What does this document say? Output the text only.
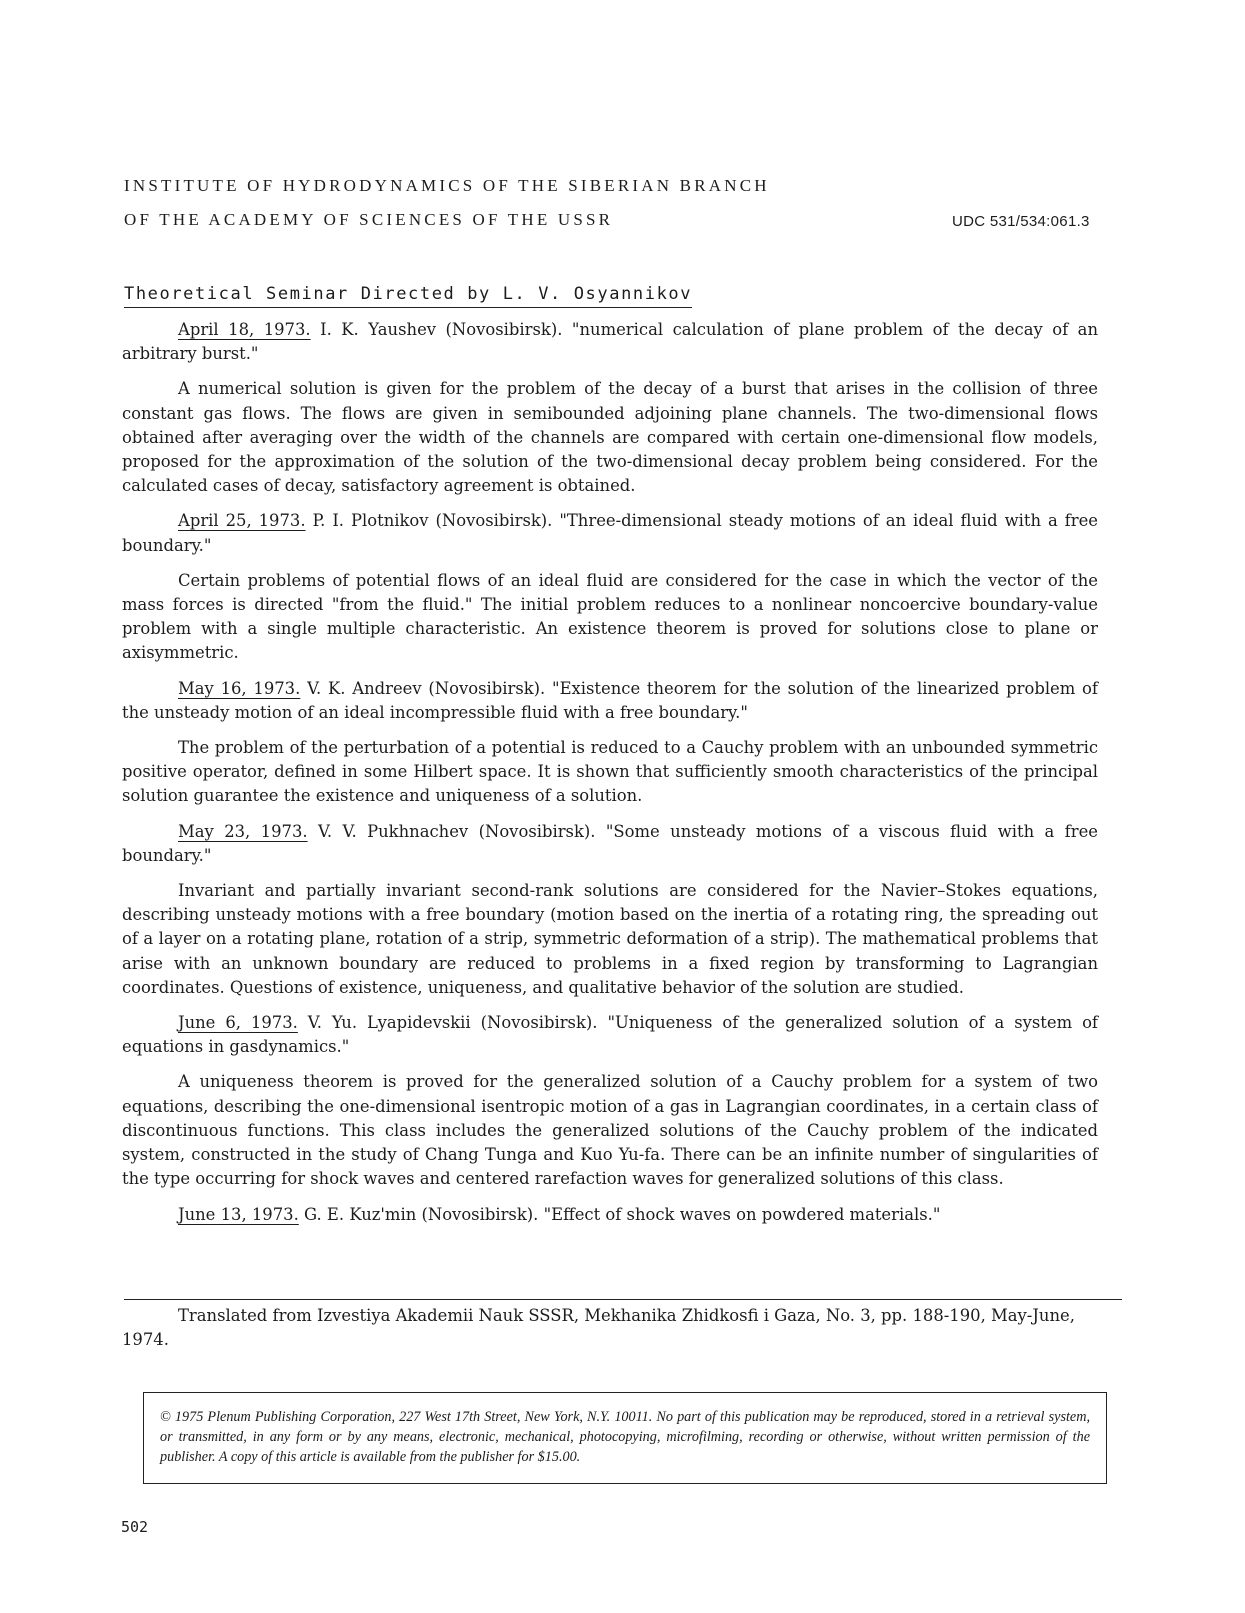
INSTITUTE OF HYDRODYNAMICS OF THE SIBERIAN BRANCH
OF THE ACADEMY OF SCIENCES OF THE USSR	UDC 531/534:061.3
Theoretical Seminar Directed by L. V. Osyannikov

April 18, 1973. I. K. Yaushev (Novosibirsk). "numerical calculation of plane problem of the decay of an arbitrary burst."

A numerical solution is given for the problem of the decay of a burst that arises in the collision of three constant gas flows. The flows are given in semibounded adjoining plane channels. The two-dimensional flows obtained after averaging over the width of the channels are compared with certain one-dimensional flow models, proposed for the approximation of the solution of the two-dimensional decay problem being considered. For the calculated cases of decay, satisfactory agreement is obtained.

April 25, 1973. P. I. Plotnikov (Novosibirsk). "Three-dimensional steady motions of an ideal fluid with a free boundary."

Certain problems of potential flows of an ideal fluid are considered for the case in which the vector of the mass forces is directed "from the fluid." The initial problem reduces to a nonlinear noncoercive boundary-value problem with a single multiple characteristic. An existence theorem is proved for solutions close to plane or axisymmetric.

May 16, 1973. V. K. Andreev (Novosibirsk). "Existence theorem for the solution of the linearized problem of the unsteady motion of an ideal incompressible fluid with a free boundary."

The problem of the perturbation of a potential is reduced to a Cauchy problem with an unbounded symmetric positive operator, defined in some Hilbert space. It is shown that sufficiently smooth characteristics of the principal solution guarantee the existence and uniqueness of a solution.

May 23, 1973. V. V. Pukhnachev (Novosibirsk). "Some unsteady motions of a viscous fluid with a free boundary."

Invariant and partially invariant second-rank solutions are considered for the Navier–Stokes equations, describing unsteady motions with a free boundary (motion based on the inertia of a rotating ring, the spreading out of a layer on a rotating plane, rotation of a strip, symmetric deformation of a strip). The mathematical problems that arise with an unknown boundary are reduced to problems in a fixed region by transforming to Lagrangian coordinates. Questions of existence, uniqueness, and qualitative behavior of the solution are studied.

June 6, 1973. V. Yu. Lyapidevskii (Novosibirsk). "Uniqueness of the generalized solution of a system of equations in gasdynamics."

A uniqueness theorem is proved for the generalized solution of a Cauchy problem for a system of two equations, describing the one-dimensional isentropic motion of a gas in Lagrangian coordinates, in a certain class of discontinuous functions. This class includes the generalized solutions of the Cauchy problem of the indicated system, constructed in the study of Chang Tunga and Kuo Yu-fa. There can be an infinite number of singularities of the type occurring for shock waves and centered rarefaction waves for generalized solutions of this class.

June 13, 1973. G. E. Kuz'min (Novosibirsk). "Effect of shock waves on powdered materials."

Translated from Izvestiya Akademii Nauk SSSR, Mekhanika Zhidkosfi i Gaza, No. 3, pp. 188-190, May-June, 1974.
© 1975 Plenum Publishing Corporation, 227 West 17th Street, New York, N.Y. 10011. No part of this publication may be reproduced, stored in a retrieval system, or transmitted, in any form or by any means, electronic, mechanical, photocopying, microfilming, recording or otherwise, without written permission of the publisher. A copy of this article is available from the publisher for $15.00.
502
